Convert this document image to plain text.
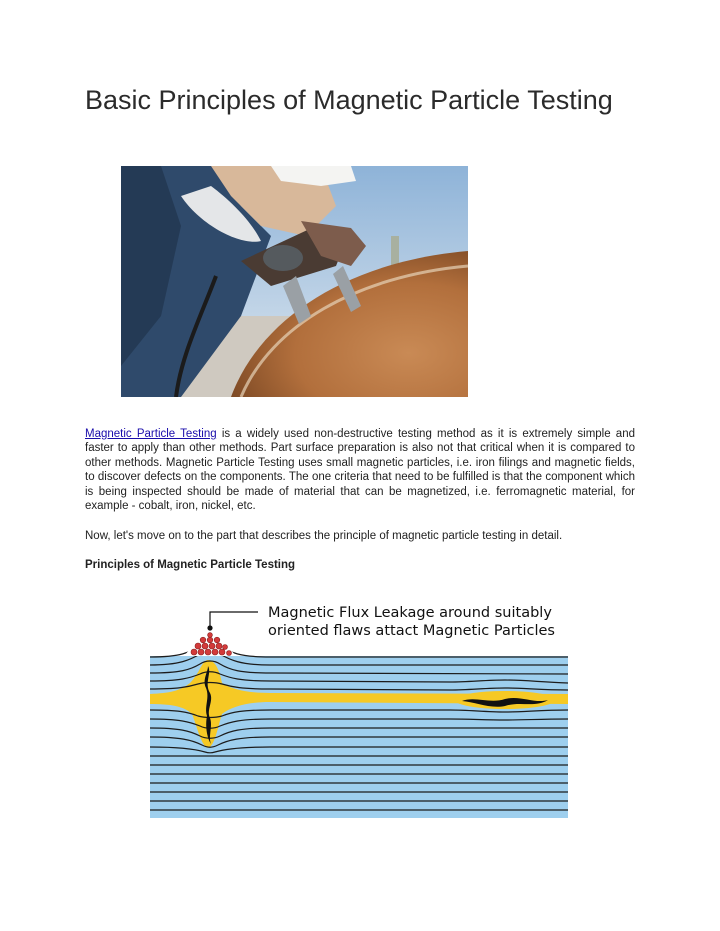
Basic Principles of Magnetic Particle Testing

Magnetic Particle Testing is a widely used non-destructive testing method as it is extremely simple and faster to apply than other methods. Part surface preparation is also not that critical when it is compared to other methods. Magnetic Particle Testing uses small magnetic particles, i.e. iron filings and magnetic fields, to discover defects on the components. The one criteria that need to be fulfilled is that the component which is being inspected should be made of material that can be magnetized, i.e. ferromagnetic material, for example - cobalt, iron, nickel, etc.

Now, let's move on to the part that describes the principle of magnetic particle testing in detail.

Principles of Magnetic Particle Testing

Magnetic Flux Leakage around suitably
oriented flaws attact Magnetic Particles
